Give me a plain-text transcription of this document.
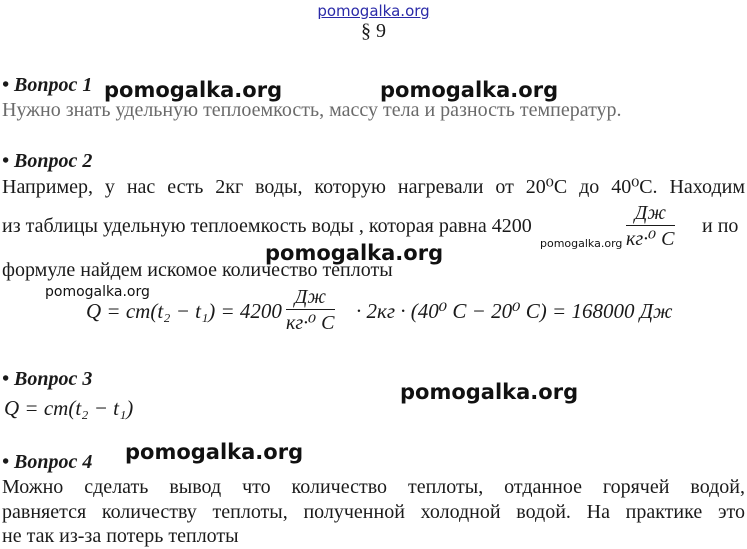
pomogalka.org
§ 9
• Вопрос 1 pomogalka.org	pomogalka.org
Нужно знать удельную теплоемкость, массу тела и разность температур.
• Вопрос 2
Например, у нас есть 2кг воды, которую нагревали от 20⁰С до 40⁰С. Находим
из таблицы удельную теплоемкость воды , которая равна 4200	$\frac{Дж}{\text{кг·⁰ С}}$ и по
pomogalka.org
pomogalka.org
формуле найдем искомое количество теплоты
pomogalka.org
$Q = cm(t_2 - t_1) = 4200 \frac{Дж}{\text{кг·⁰ С}} \cdot 2кг \cdot (40^0$ С − 20⁰ С) = 168000 Дж
• Вопрос 3
pomogalka.org
Q = cm(t₂ − t₁)
pomogalka.org
• Вопрос 4
Можно сделать вывод что количество теплоты, отданное горячей водой,
равняется количеству теплоты, полученной холодной водой. На практике это
не так из-за потерь теплоты
